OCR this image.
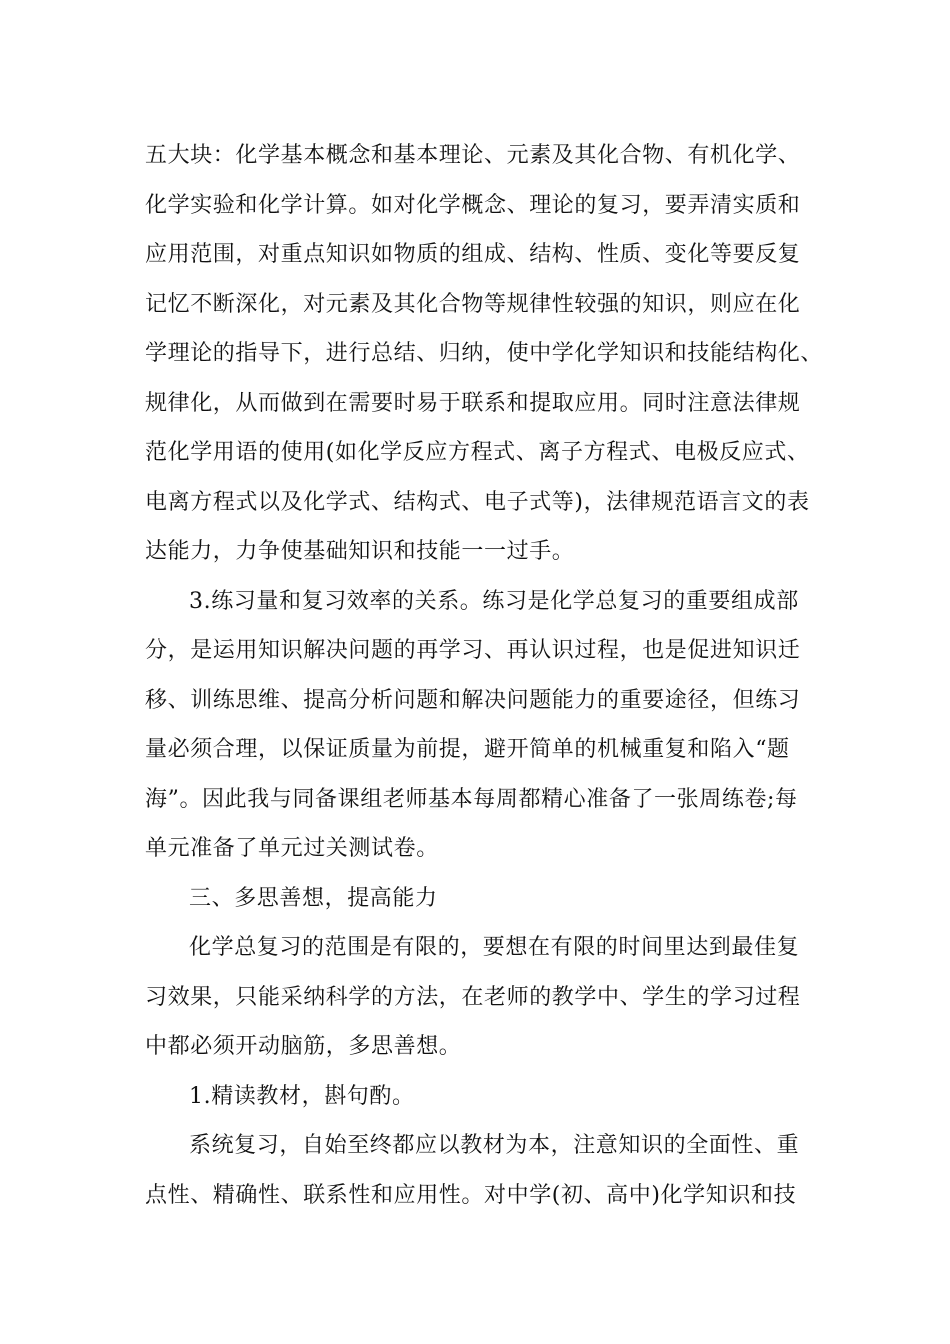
五大块：化学基本概念和基本理论、元素及其化合物、有机化学、
化学实验和化学计算。如对化学概念、理论的复习，要弄清实质和
应用范围，对重点知识如物质的组成、结构、性质、变化等要反复
记忆不断深化，对元素及其化合物等规律性较强的知识，则应在化
学理论的指导下，进行总结、归纳，使中学化学知识和技能结构化、
规律化，从而做到在需要时易于联系和提取应用。同时注意法律规
范化学用语的使用(如化学反应方程式、离子方程式、电极反应式、
电离方程式以及化学式、结构式、电子式等)，法律规范语言文的表
达能力，力争使基础知识和技能一一过手。
3.练习量和复习效率的关系。练习是化学总复习的重要组成部
分，是运用知识解决问题的再学习、再认识过程，也是促进知识迁
移、训练思维、提高分析问题和解决问题能力的重要途径，但练习
量必须合理，以保证质量为前提，避开简单的机械重复和陷入“题
海”。因此我与同备课组老师基本每周都精心准备了一张周练卷;每
单元准备了单元过关测试卷。
三、多思善想，提高能力
化学总复习的范围是有限的，要想在有限的时间里达到最佳复
习效果，只能采纳科学的方法，在老师的教学中、学生的学习过程
中都必须开动脑筋，多思善想。
1.精读教材，斟句酌。
系统复习，自始至终都应以教材为本，注意知识的全面性、重
点性、精确性、联系性和应用性。对中学(初、高中)化学知识和技
